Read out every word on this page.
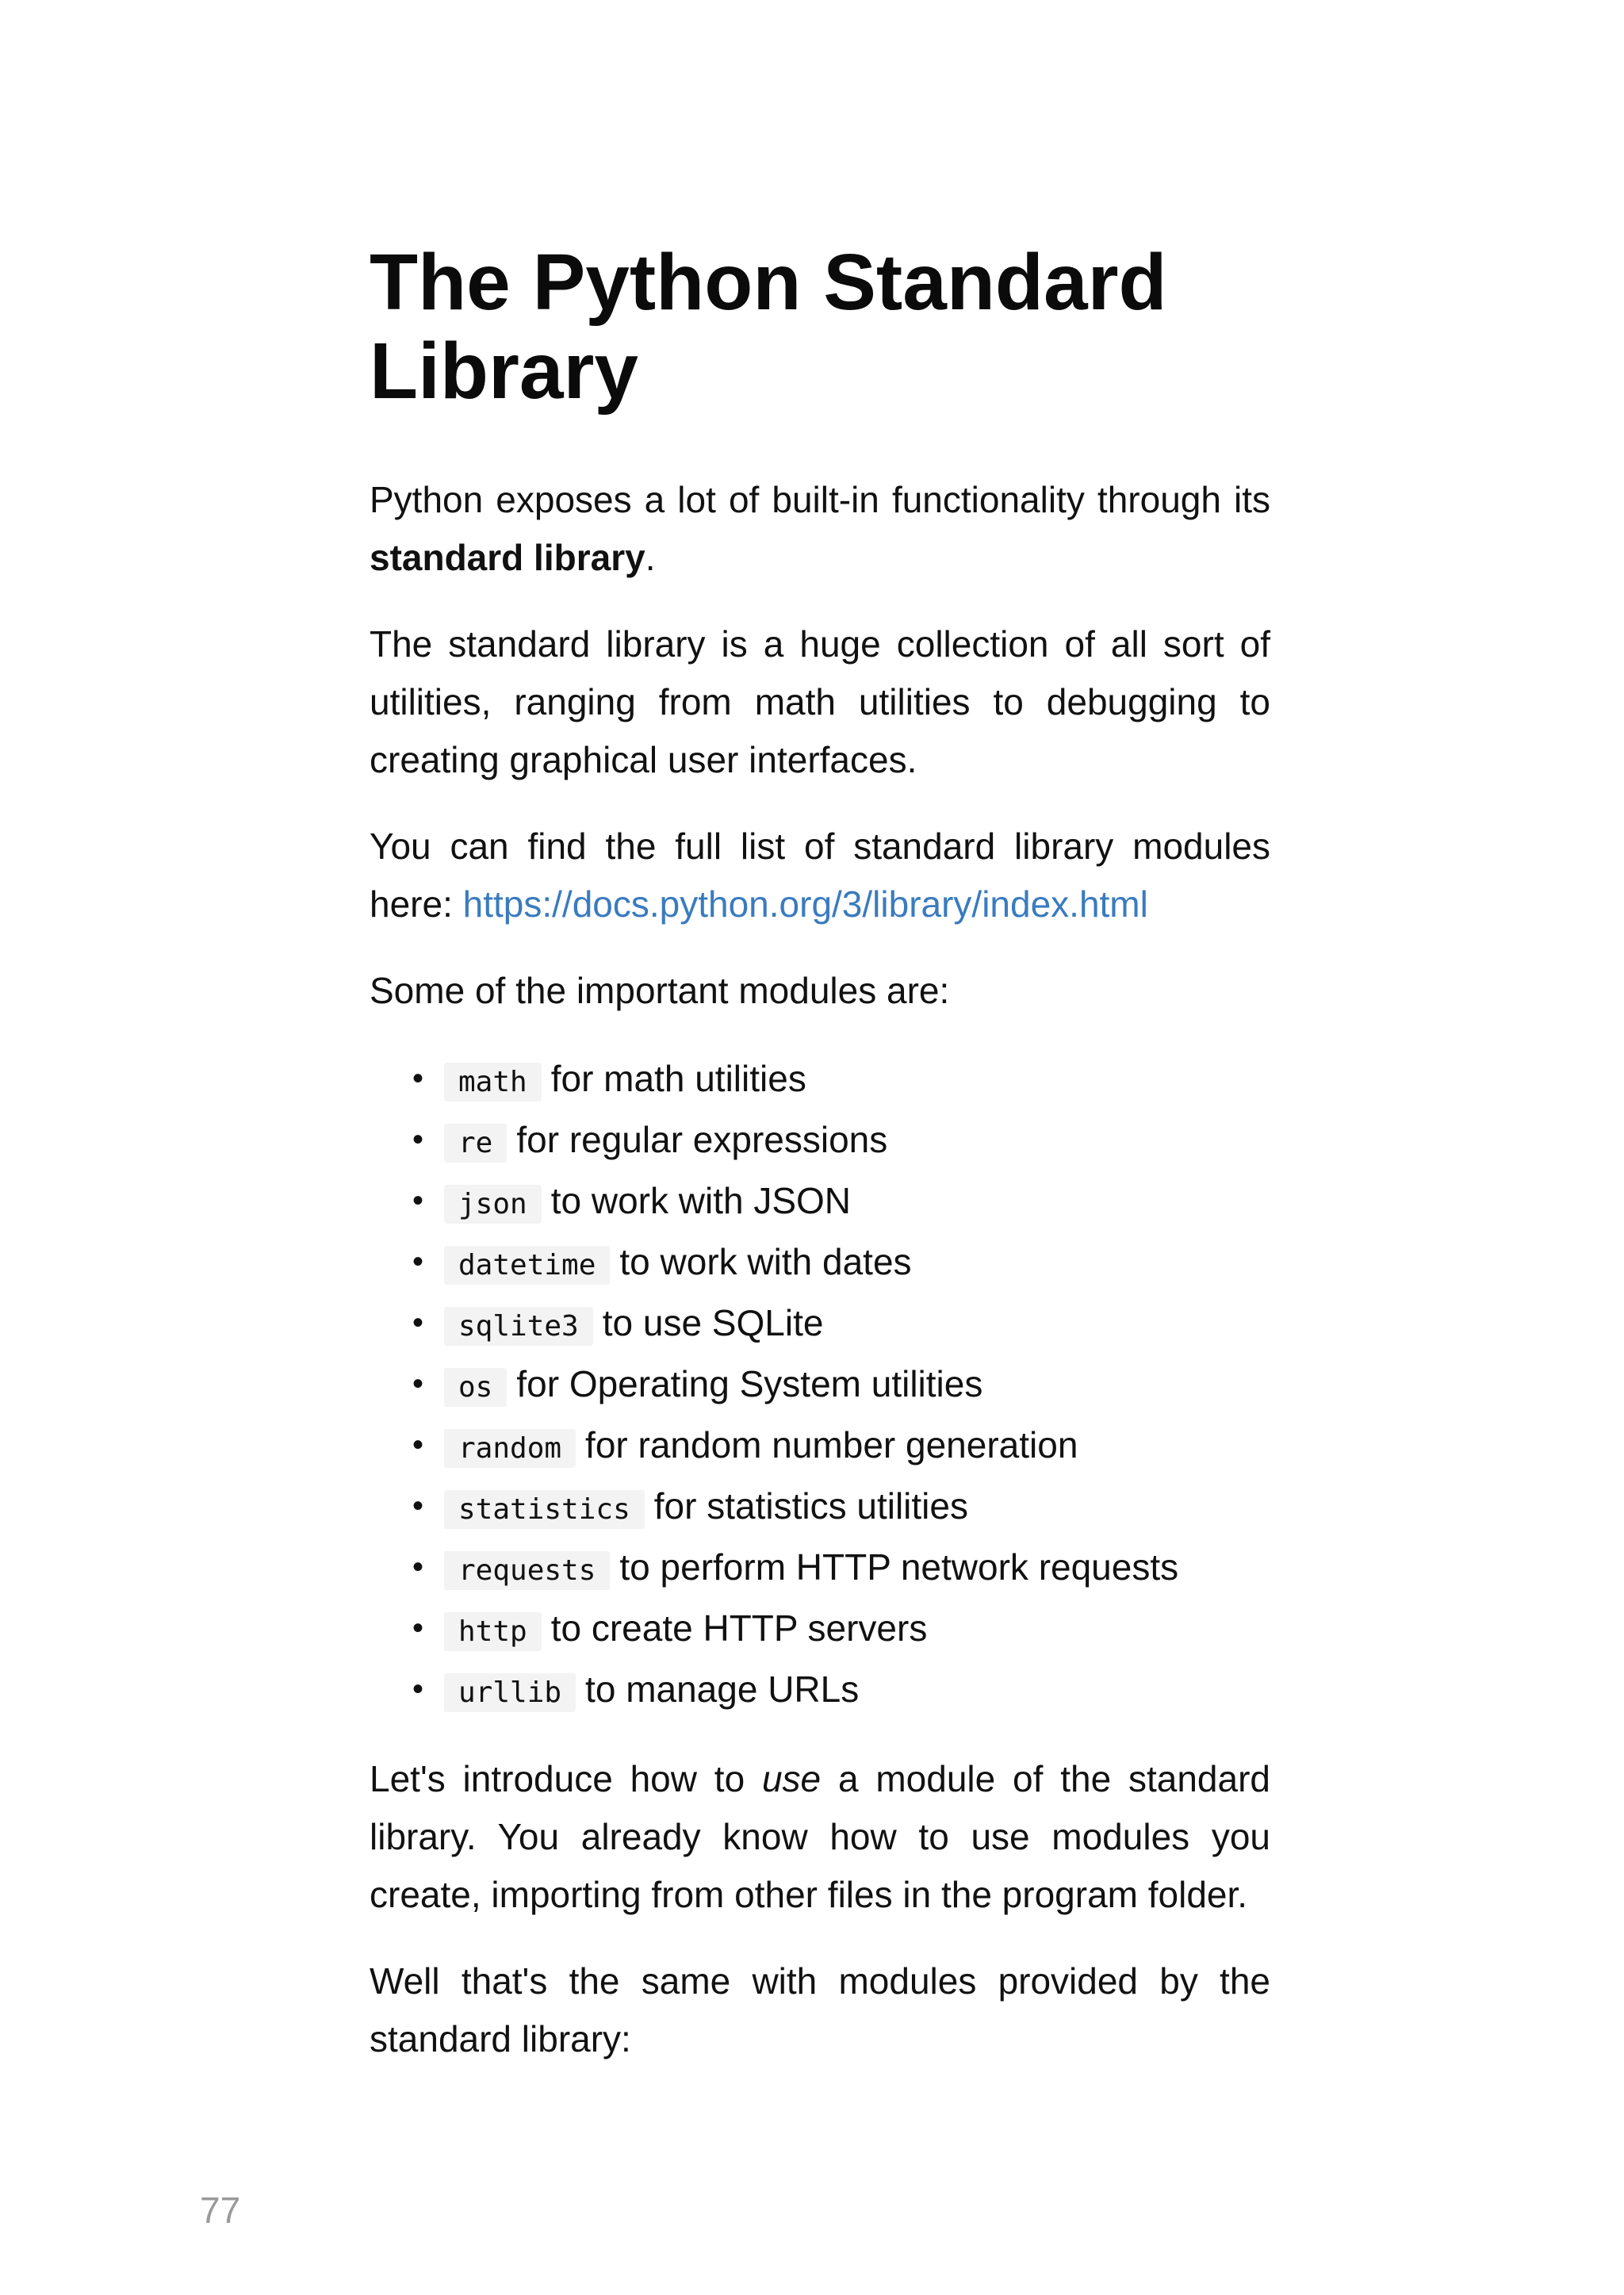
The Python Standard Library

Python exposes a lot of built-in functionality through its standard library.

The standard library is a huge collection of all sort of utilities, ranging from math utilities to debugging to creating graphical user interfaces.

You can find the full list of standard library modules here: https://docs.python.org/3/library/index.html

Some of the important modules are:

• math for math utilities
• re for regular expressions
• json to work with JSON
• datetime to work with dates
• sqlite3 to use SQLite
• os for Operating System utilities
• random for random number generation
• statistics for statistics utilities
• requests to perform HTTP network requests
• http to create HTTP servers
• urllib to manage URLs

Let's introduce how to use a module of the standard library. You already know how to use modules you create, importing from other files in the program folder.

Well that's the same with modules provided by the standard library:

77
